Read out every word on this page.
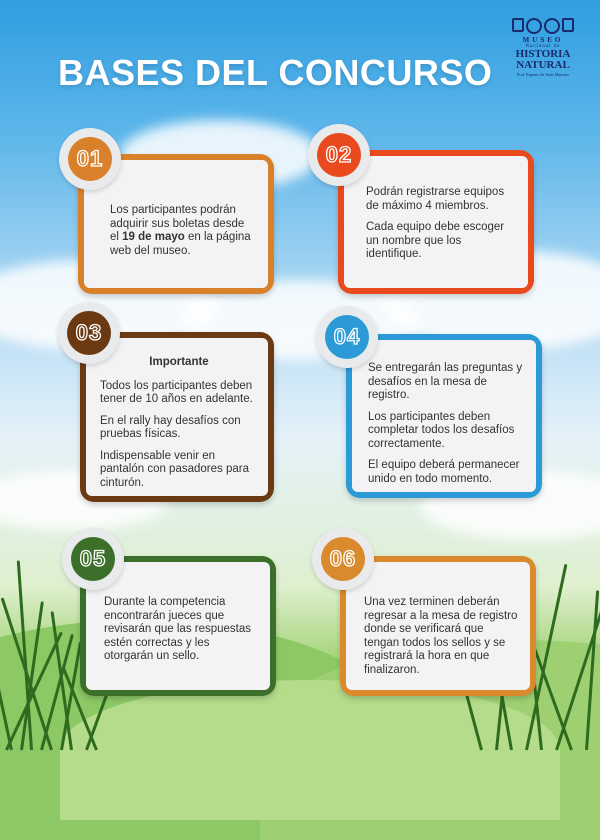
BASES DEL CONCURSO
MUSEO
Nacional de
HISTORIA
NATURAL
Prof. Eugenio de Jesús Marcano

Los participantes podrán adquirir sus boletas desde el 19 de mayo en la página web del museo.

01

Podrán registrarse equipos de máximo 4 miembros.

Cada equipo debe escoger un nombre que los identifique.

02

Importante

Todos los participantes deben tener de 10 años en adelante.

En el rally hay desafíos con pruebas físicas.

Indispensable venir en pantalón con pasadores para cinturón.

03

Se entregarán las preguntas y desafíos en la mesa de registro.

Los participantes deben completar todos los desafíos correctamente.

El equipo deberá permanecer unido en todo momento.

04

Durante la competencia encontrarán jueces que revisarán que las respuestas estén correctas y les otorgarán un sello.

05

Una vez terminen deberán regresar a la mesa de registro donde se verificará que tengan todos los sellos y se registrará la hora en que finalizaron.

06
